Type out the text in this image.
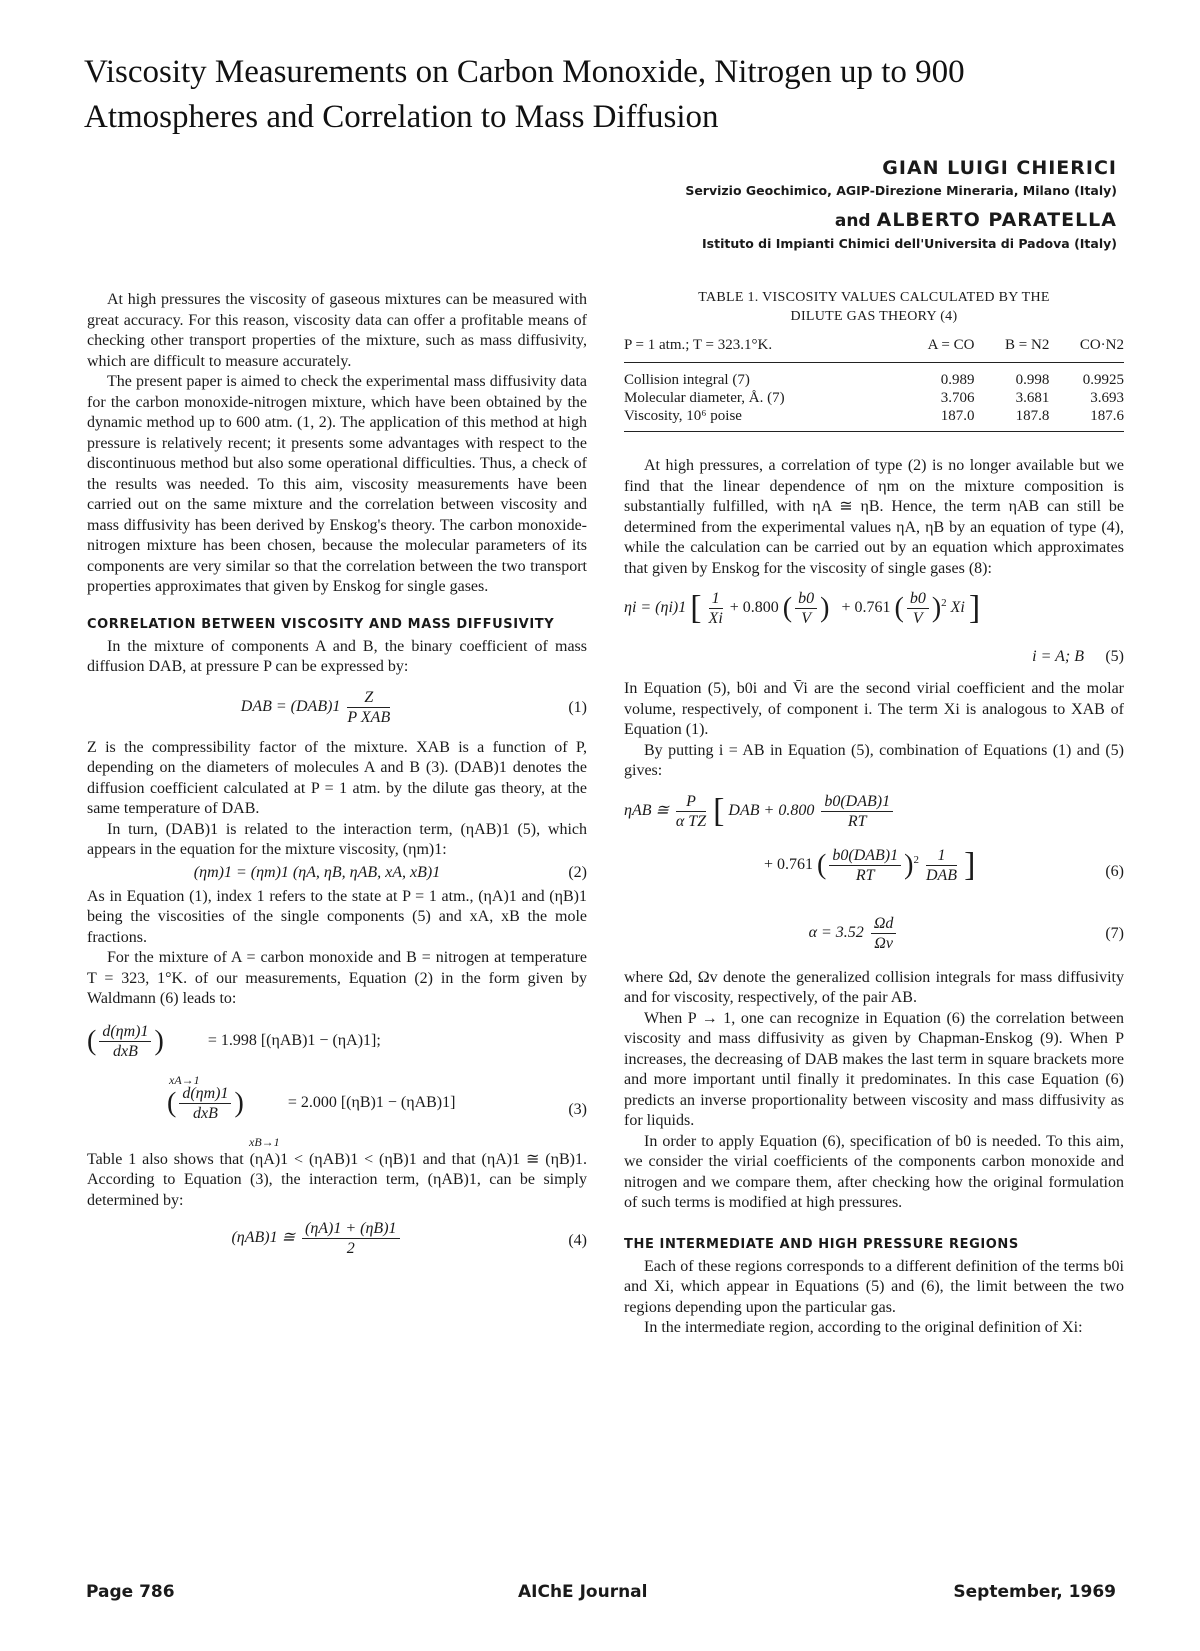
Viscosity Measurements on Carbon Monoxide, Nitrogen up to 900 Atmospheres and Correlation to Mass Diffusion
GIAN LUIGI CHIERICI
Servizio Geochimico, AGIP-Direzione Mineraria, Milano (Italy)
and ALBERTO PARATELLA
Istituto di Impianti Chimici dell'Universita di Padova (Italy)

At high pressures the viscosity of gaseous mixtures can be measured with great accuracy. For this reason, viscosity data can offer a profitable means of checking other transport properties of the mixture, such as mass diffusivity, which are difficult to measure accurately.

The present paper is aimed to check the experimental mass diffusivity data for the carbon monoxide-nitrogen mixture, which have been obtained by the dynamic method up to 600 atm. (1, 2). The application of this method at high pressure is relatively recent; it presents some advantages with respect to the discontinuous method but also some operational difficulties. Thus, a check of the results was needed. To this aim, viscosity measurements have been carried out on the same mixture and the correlation between viscosity and mass diffusivity has been derived by Enskog's theory. The carbon monoxide-nitrogen mixture has been chosen, because the molecular parameters of its components are very similar so that the correlation between the two transport properties approximates that given by Enskog for single gases.

CORRELATION BETWEEN VISCOSITY AND MASS DIFFUSIVITY

In the mixture of components A and B, the binary coefficient of mass diffusion DAB, at pressure P can be expressed by:

DAB = $(DAB)1 \frac{Z}{\text{P XAB}}$	(1)

Z is the compressibility factor of the mixture. XAB is a function of P, depending on the diameters of molecules A and B (3). (DAB)1 denotes the diffusion coefficient calculated at P = 1 atm. by the dilute gas theory, at the same temperature of DAB.

In turn, (DAB)1 is related to the interaction term, (ηAB)1 (5), which appears in the equation for the mixture viscosity, (ηm)1:

(ηm)1 = (ηm)1 (ηA, ηB, ηAB, xA, xB)1	(2)

As in Equation (1), index 1 refers to the state at P = 1 atm., (ηA)1 and (ηB)1 being the viscosities of the single components (5) and xA, xB the mole fractions.

For the mixture of A = carbon monoxide and B = nitrogen at temperature T = 323, 1°K. of our measurements, Equation (2) in the form given by Waldmann (6) leads to:

( $\frac{d(\eta m)1}{\text{dxB}}$ )	= 1.998 [(ηAB)1 − (ηA)1];
xA→1
( $\frac{d(\eta m)1}{\text{dxB}}$ )	= 2.000 [(ηB)1 − (ηAB)1]
xB→1
(3)

Table 1 also shows that (ηA)1 < (ηAB)1 < (ηB)1 and that (ηA)1 ≅ (ηB)1. According to Equation (3), the interaction term, (ηAB)1, can be simply determined by:

(ηAB)1 ≅ $\frac{(\eta A)1 + (\eta B)1}{2}$	(4)
TABLE 1. VISCOSITY VALUES CALCULATED BY THE
DILUTE GAS THEORY (4)
P = 1 atm.; T = 323.1°K.	A = CO	B = N2	CO·N2
Collision integral (7)	0.989	0.998	0.9925
Molecular diameter, Å. (7)	3.706	3.681	3.693
Viscosity, 10⁶ poise	187.0	187.8	187.6

At high pressures, a correlation of type (2) is no longer available but we find that the linear dependence of ηm on the mixture composition is substantially fulfilled, with ηA ≅ ηB. Hence, the term ηAB can still be determined from the experimental values ηA, ηB by an equation of type (4), while the calculation can be carried out by an equation which approximates that given by Enskog for the viscosity of single gases (8):

ηi = (ηi)1 [ $\frac{1}{Xi} + 0.800$ ( $\frac{b0}{V}$ ) + 0.761 ( $\frac{b0}{V} )^2$ Xi ]
i = A; B (5)

In Equation (5), b0i and V̄i are the second virial coefficient and the molar volume, respectively, of component i. The term Xi is analogous to XAB of Equation (1).

By putting i = AB in Equation (5), combination of Equations (1) and (5) gives:

ηAB ≅ $\frac{P}{\text{α TZ}}$ [ DAB + $0.800 \frac{\text{b0(DAB)1}}{RT}$
+ 0.761 ( $\frac{\text{b0(DAB)1}}{RT} )^2 \frac{1}{\text{DAB}}$ ]	(6)
$\alpha = 3.52 \frac{\Omega d}{\Omega v}$	(7)

where Ωd, Ωv denote the generalized collision integrals for mass diffusivity and for viscosity, respectively, of the pair AB.

When P → 1, one can recognize in Equation (6) the correlation between viscosity and mass diffusivity as given by Chapman-Enskog (9). When P increases, the decreasing of DAB makes the last term in square brackets more and more important until finally it predominates. In this case Equation (6) predicts an inverse proportionality between viscosity and mass diffusivity as for liquids.

In order to apply Equation (6), specification of b0 is needed. To this aim, we consider the virial coefficients of the components carbon monoxide and nitrogen and we compare them, after checking how the original formulation of such terms is modified at high pressures.

THE INTERMEDIATE AND HIGH PRESSURE REGIONS

Each of these regions corresponds to a different definition of the terms b0i and Xi, which appear in Equations (5) and (6), the limit between the two regions depending upon the particular gas.

In the intermediate region, according to the original definition of Xi:

Page 786	AIChE Journal	September, 1969
